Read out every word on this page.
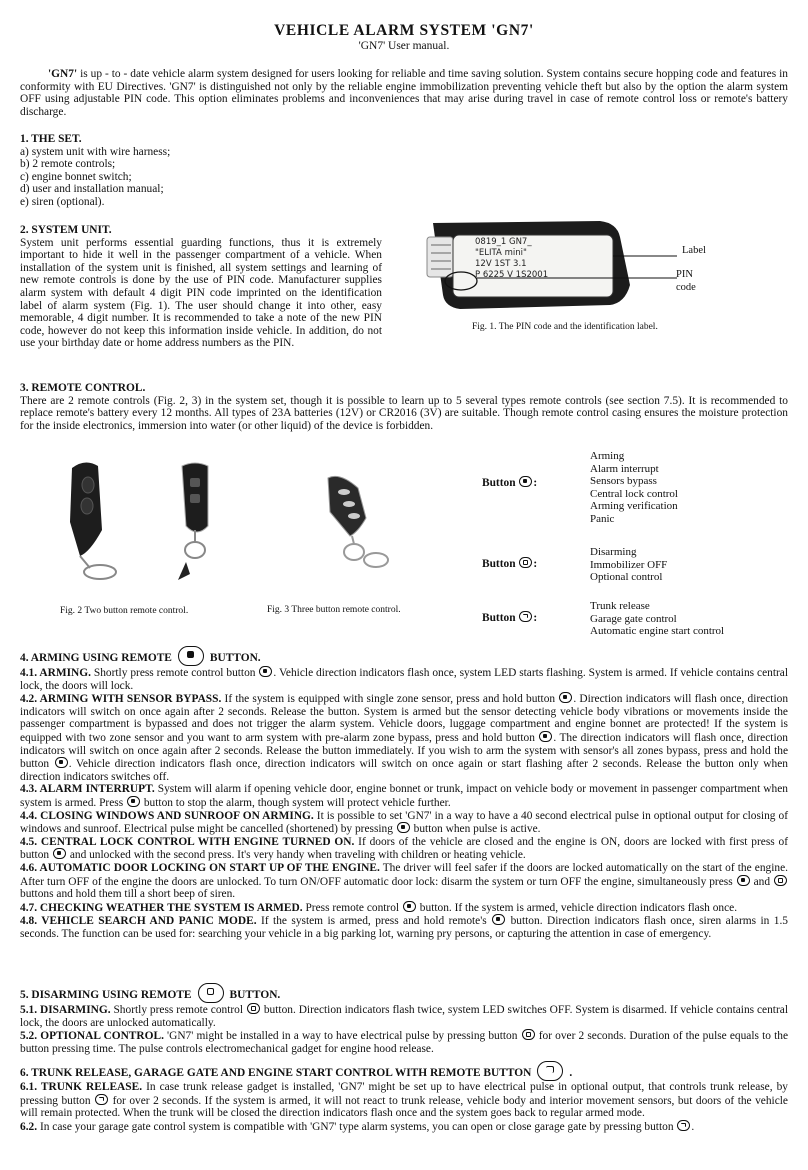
VEHICLE ALARM SYSTEM 'GN7'
'GN7' User manual.
'GN7' is up - to - date vehicle alarm system designed for users looking for reliable and time saving solution. System contains secure hopping code and features in conformity with EU Directives. 'GN7' is distinguished not only by the reliable engine immobilization preventing vehicle theft but also by the option the alarm system OFF using adjustable PIN code. This option eliminates problems and inconveniences that may arise during travel in case of remote control loss or remote's battery discharge.
1. THE SET.
a) system unit with wire harness;
b) 2 remote controls;
c) engine bonnet switch;
d) user and installation manual;
e) siren (optional).
2. SYSTEM UNIT.
System unit performs essential guarding functions, thus it is extremely important to hide it well in the passenger compartment of a vehicle. When installation of the system unit is finished, all system settings and learning of new remote controls is done by the use of PIN code. Manufacturer supplies alarm system with default 4 digit PIN code imprinted on the identification label of alarm system (Fig. 1). The user should change it into other, easy memorable, 4 digit number. It is recommended to take a note of the new PIN code, however do not keep this information inside vehicle. In addition, do not use your birthday date or home address numbers as the PIN.
0819_1 GN7_
"ELITA mini"
12V 1ST 3.1
P 6225 V 1S2001
Label
PIN code
Fig. 1. The PIN code and the identification label.
3. REMOTE CONTROL.
There are 2 remote controls (Fig. 2, 3) in the system set, though it is possible to learn up to 5 several types remote controls (see section 7.5). It is recommended to replace remote's battery every 12 months. All types of 23A batteries (12V) or CR2016 (3V) are suitable. Though remote control casing ensures the moisture protection for the inside electronics, immersion into water (or other liquid) of the device is forbidden.
Fig. 2 Two button remote control.	Fig. 3 Three button remote control.
Button :
Arming
Alarm interrupt
Sensors bypass
Central lock control
Arming verification
Panic
Button :
Disarming
Immobilizer OFF
Optional control
Button :
Trunk release
Garage gate control
Automatic engine start control
4. ARMING USING REMOTE	BUTTON.
4.1. ARMING. Shortly press remote control button . Vehicle direction indicators flash once, system LED starts flashing. System is armed. If vehicle contains central lock, the doors will lock.
4.2. ARMING WITH SENSOR BYPASS. If the system is equipped with single zone sensor, press and hold button . Direction indicators will flash once, direction indicators will switch on once again after 2 seconds. Release the button. System is armed but the sensor detecting vehicle body vibrations or movements inside the passenger compartment is bypassed and does not trigger the alarm system. Vehicle doors, luggage compartment and engine bonnet are protected! If the system is equipped with two zone sensor and you want to arm system with pre-alarm zone bypass, press and hold button . The direction indicators will flash once, direction indicators will switch on once again after 2 seconds. Release the button immediately. If you wish to arm the system with sensor's all zones bypass, press and hold the button . Vehicle direction indicators flash once, direction indicators will switch on once again or start flashing after 2 seconds. Release the button only when direction indicators switches off.
4.3. ALARM INTERRUPT. System will alarm if opening vehicle door, engine bonnet or trunk, impact on vehicle body or movement in passenger compartment when system is armed. Press  button to stop the alarm, though system will protect vehicle further.
4.4. CLOSING WINDOWS AND SUNROOF ON ARMING. It is possible to set 'GN7' in a way to have a 40 second electrical pulse in optional output for closing of windows and sunroof. Electrical pulse might be cancelled (shortened) by pressing  button when pulse is active.
4.5. CENTRAL LOCK CONTROL WITH ENGINE TURNED ON. If doors of the vehicle are closed and the engine is ON, doors are locked with first press of button  and unlocked with the second press. It's very handy when traveling with children or heating vehicle.
4.6. AUTOMATIC DOOR LOCKING ON START UP OF THE ENGINE. The driver will feel safer if the doors are locked automatically on the start of the engine. After turn OFF of the engine the doors are unlocked. To turn ON/OFF automatic door lock: disarm the system or turn OFF the engine, simultaneously press  and  buttons and hold them till a short beep of siren.
4.7. CHECKING WEATHER THE SYSTEM IS ARMED. Press remote control  button. If the system is armed, vehicle direction indicators flash once.
4.8. VEHICLE SEARCH AND PANIC MODE. If the system is armed, press and hold remote's  button. Direction indicators flash once, siren alarms in 1.5 seconds. The function can be used for: searching your vehicle in a big parking lot, warning pry persons, or capturing the attention in case of emergency.
5. DISARMING USING REMOTE	BUTTON.
5.1. DISARMING. Shortly press remote control  button. Direction indicators flash twice, system LED switches OFF. System is disarmed. If vehicle contains central lock, the doors are unlocked automatically.
5.2. OPTIONAL CONTROL. 'GN7' might be installed in a way to have electrical pulse by pressing button  for over 2 seconds. Duration of the pulse equals to the button pressing time. The pulse controls electromechanical gadget for engine hood release.
6. TRUNK RELEASE, GARAGE GATE AND ENGINE START CONTROL WITH REMOTE BUTTON	.
6.1. TRUNK RELEASE. In case trunk release gadget is installed, 'GN7' might be set up to have electrical pulse in optional output, that controls trunk release, by pressing button  for over 2 seconds. If the system is armed, it will not react to trunk release, vehicle body and interior movement sensors, but doors of the vehicle will remain protected. When the trunk will be closed the direction indicators flash once and the system goes back to regular armed mode.
6.2. In case your garage gate control system is compatible with 'GN7' type alarm systems, you can open or close garage gate by pressing button .
